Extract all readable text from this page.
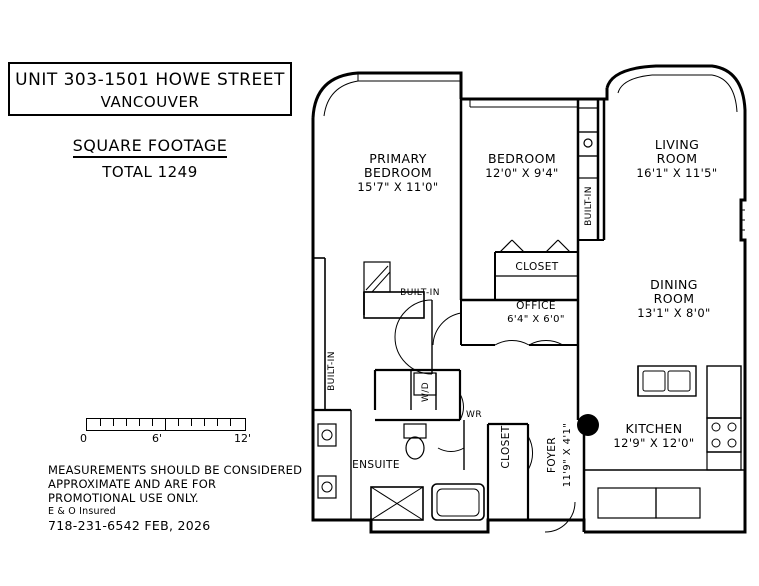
UNIT 303-1501 HOWE STREET
VANCOUVER
SQUARE FOOTAGE
TOTAL 1249
0	6'	12'
MEASUREMENTS SHOULD BE CONSIDERED
APPROXIMATE AND ARE FOR
PROMOTIONAL USE ONLY.
E & O Insured
718-231-6542 FEB, 2026
PRIMARY
BEDROOM
15'7" X 11'0"
BEDROOM
12'0" X 9'4"
LIVING
ROOM
16'1" X 11'5"
DINING
ROOM
13'1" X 8'0"
KITCHEN
12'9" X 12'0"
OFFICE
6'4" X 6'0"
CLOSET
ENSUITE	CLOSET	FOYER 11'9" X 4'1"
WR
W/D
BUILT-IN
BUILT-IN
BUILT-IN
